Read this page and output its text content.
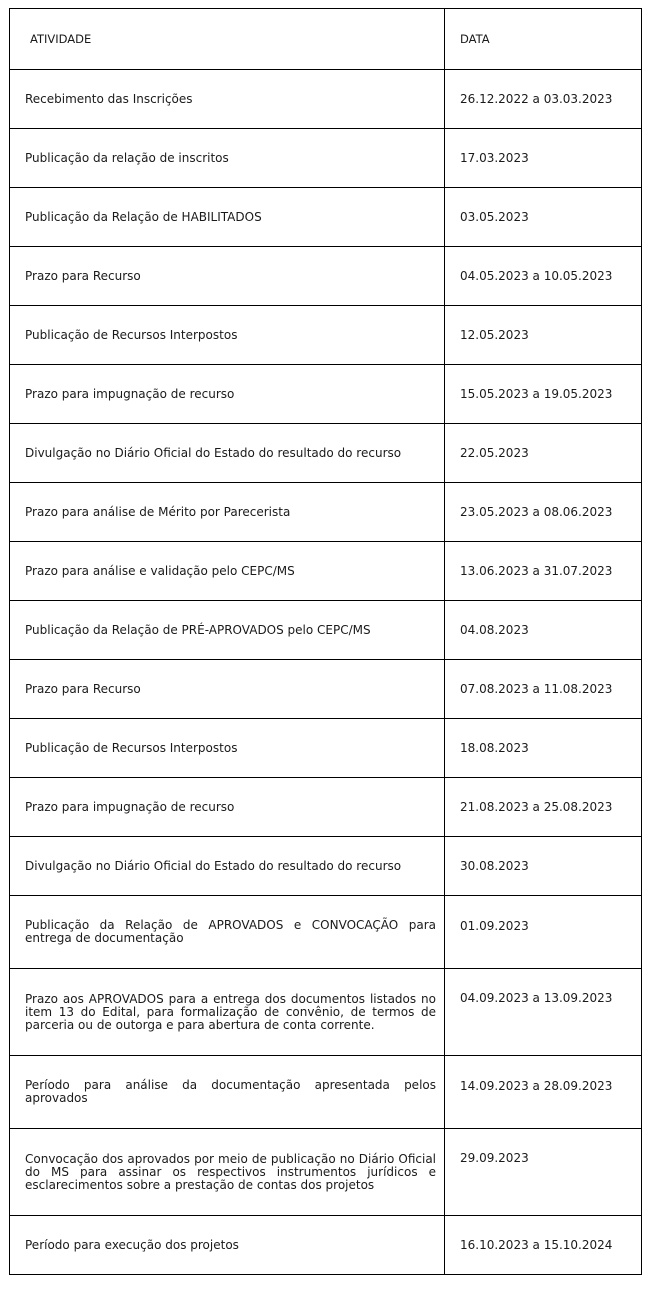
ATIVIDADE	DATA
Recebimento das Inscrições	26.12.2022 a 03.03.2023
Publicação da relação de inscritos	17.03.2023
Publicação da Relação de HABILITADOS	03.05.2023
Prazo para Recurso	04.05.2023 a 10.05.2023
Publicação de Recursos Interpostos	12.05.2023
Prazo para impugnação de recurso	15.05.2023 a 19.05.2023
Divulgação no Diário Oficial do Estado do resultado do recurso	22.05.2023
Prazo para análise de Mérito por Parecerista	23.05.2023 a 08.06.2023
Prazo para análise e validação pelo CEPC/MS	13.06.2023 a 31.07.2023
Publicação da Relação de PRÉ-APROVADOS pelo CEPC/MS	04.08.2023
Prazo para Recurso	07.08.2023 a 11.08.2023
Publicação de Recursos Interpostos	18.08.2023
Prazo para impugnação de recurso	21.08.2023 a 25.08.2023
Divulgação no Diário Oficial do Estado do resultado do recurso	30.08.2023
Publicação da Relação de APROVADOS e CONVOCAÇÃO para entrega de documentação	01.09.2023

Prazo aos APROVADOS para a entrega dos documentos listados no item 13 do Edital, para formalização de convênio, de termos de parceria ou de outorga e para abertura de conta corrente.	04.09.2023 a 13.09.2023

Período para análise da documentação apresentada pelos aprovados	14.09.2023 a 28.09.2023

Convocação dos aprovados por meio de publicação no Diário Oficial do MS para assinar os respectivos instrumentos jurídicos e esclarecimentos sobre a prestação de contas dos projetos	29.09.2023

Período para execução dos projetos	16.10.2023 a 15.10.2024
